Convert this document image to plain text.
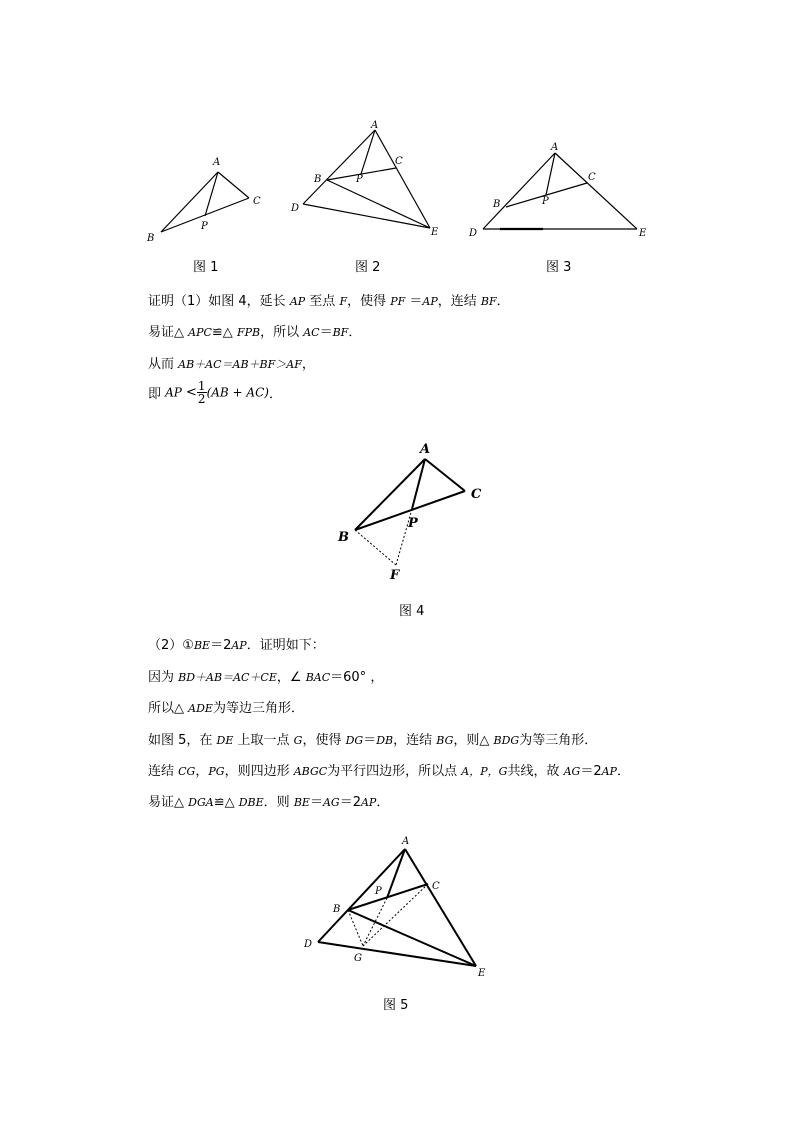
A
B
C
P
图 1
A
B
C
D
E
P
图 2
A
B
C
D	E
P
图 3
证明（1）如图 4，延长 AP 至点 F，使得 PF ＝AP，连结 BF．
易证△ APC≌△ FPB，所以 AC＝BF．
从而 AB＋AC＝AB＋BF＞AF，
即 AP < $\frac{1}{2} (AB + AC)$．
A
B
C
P
F
图 4
（2）①BE＝2AP．证明如下：
因为 BD＋AB＝AC＋CE，∠ BAC＝60° ，
所以△ ADE为等边三角形．
如图 5，在 DE 上取一点 G，使得 DG＝DB，连结 BG，则△ BDG为等三角形．
连结 CG，PG，则四边形 ABGC为平行四边形，所以点 A，P，G共线，故 AG＝2AP．
易证△ DGA≌△ DBE．则 BE＝AG＝2AP．
A
B
C
D
E
P
G
图 5
